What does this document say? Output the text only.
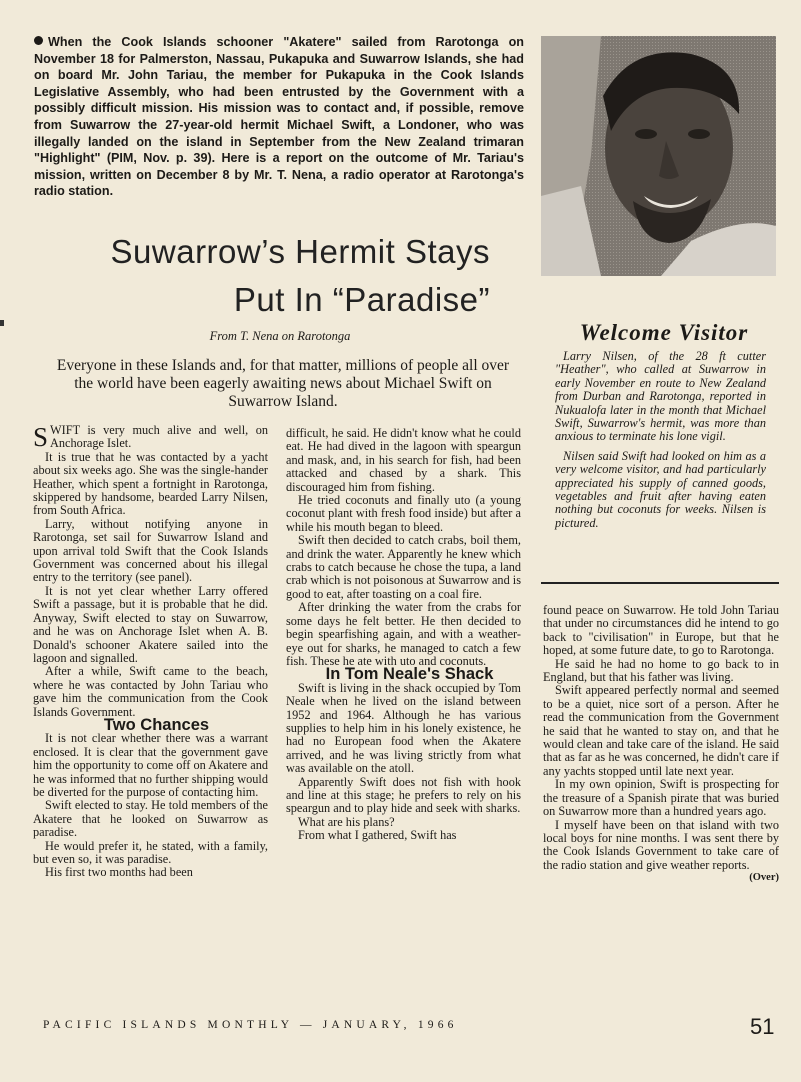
When the Cook Islands schooner "Akatere" sailed from Rarotonga on November 18 for Palmerston, Nassau, Pukapuka and Suwarrow Islands, she had on board Mr. John Tariau, the member for Pukapuka in the Cook Islands Legislative Assembly, who had been entrusted by the Government with a possibly difficult mission. His mission was to contact and, if possible, remove from Suwarrow the 27-year-old hermit Michael Swift, a Londoner, who was illegally landed on the island in September from the New Zealand trimaran "Highlight" (PIM, Nov. p. 39). Here is a report on the outcome of Mr. Tariau's mission, written on December 8 by Mr. T. Nena, a radio operator at Rarotonga's radio station.
Suwarrow’s Hermit Stays
Put In “Paradise”
From T. Nena on Rarotonga
Everyone in these Islands and, for that matter, millions of people all over the world have been eagerly awaiting news about Michael Swift on Suwarrow Island.

SWIFT is very much alive and well, on Anchorage Islet.

It is true that he was contacted by a yacht about six weeks ago. She was the single-hander Heather, which spent a fortnight in Rarotonga, skippered by handsome, bearded Larry Nilsen, from South Africa.

Larry, without notifying anyone in Rarotonga, set sail for Suwarrow Island and upon arrival told Swift that the Cook Islands Government was concerned about his illegal entry to the territory (see panel).

It is not yet clear whether Larry offered Swift a passage, but it is probable that he did. Anyway, Swift elected to stay on Suwarrow, and he was on Anchorage Islet when A. B. Donald's schooner Akatere sailed into the lagoon and signalled.

After a while, Swift came to the beach, where he was contacted by John Tariau who gave him the communication from the Cook Islands Government.

Two Chances

It is not clear whether there was a warrant enclosed. It is clear that the government gave him the opportunity to come off on Akatere and he was informed that no further shipping would be diverted for the purpose of contacting him.

Swift elected to stay. He told members of the Akatere that he looked on Suwarrow as paradise.

He would prefer it, he stated, with a family, but even so, it was paradise.

His first two months had been

difficult, he said. He didn't know what he could eat. He had dived in the lagoon with speargun and mask, and, in his search for fish, had been attacked and chased by a shark. This discouraged him from fishing.

He tried coconuts and finally uto (a young coconut plant with fresh food inside) but after a while his mouth began to bleed.

Swift then decided to catch crabs, boil them, and drink the water. Apparently he knew which crabs to catch because he chose the tupa, a land crab which is not poisonous at Suwarrow and is good to eat, after toasting on a coal fire.

After drinking the water from the crabs for some days he felt better. He then decided to begin spearfishing again, and with a weather-eye out for sharks, he managed to catch a few fish. These he ate with uto and coconuts.

In Tom Neale's Shack

Swift is living in the shack occupied by Tom Neale when he lived on the island between 1952 and 1964. Although he has various supplies to help him in his lonely existence, he had no European food when the Akatere arrived, and he was living strictly from what was available on the atoll.

Apparently Swift does not fish with hook and line at this stage; he prefers to rely on his speargun and to play hide and seek with sharks.

What are his plans?

From what I gathered, Swift has

Welcome Visitor

Larry Nilsen, of the 28 ft cutter "Heather", who called at Suwarrow in early November en route to New Zealand from Durban and Rarotonga, reported in Nukualofa later in the month that Michael Swift, Suwarrow's hermit, was more than anxious to terminate his lone vigil.

Nilsen said Swift had looked on him as a very welcome visitor, and had particularly appreciated his supply of canned goods, vegetables and fruit after having eaten nothing but coconuts for weeks. Nilsen is pictured.

found peace on Suwarrow. He told John Tariau that under no circumstances did he intend to go back to "civilisation" in Europe, but that he hoped, at some future date, to go to Rarotonga.

He said he had no home to go back to in England, but that his father was living.

Swift appeared perfectly normal and seemed to be a quiet, nice sort of a person. After he read the communication from the Government he said that he wanted to stay on, and that he would clean and take care of the island. He said that as far as he was concerned, he didn't care if any yachts stopped until late next year.

In my own opinion, Swift is prospecting for the treasure of a Spanish pirate that was buried on Suwarrow more than a hundred years ago.

I myself have been on that island with two local boys for nine months. I was sent there by the Cook Islands Government to take care of the radio station and give weather reports.

(Over)
PACIFIC ISLANDS MONTHLY — JANUARY, 1966	51
